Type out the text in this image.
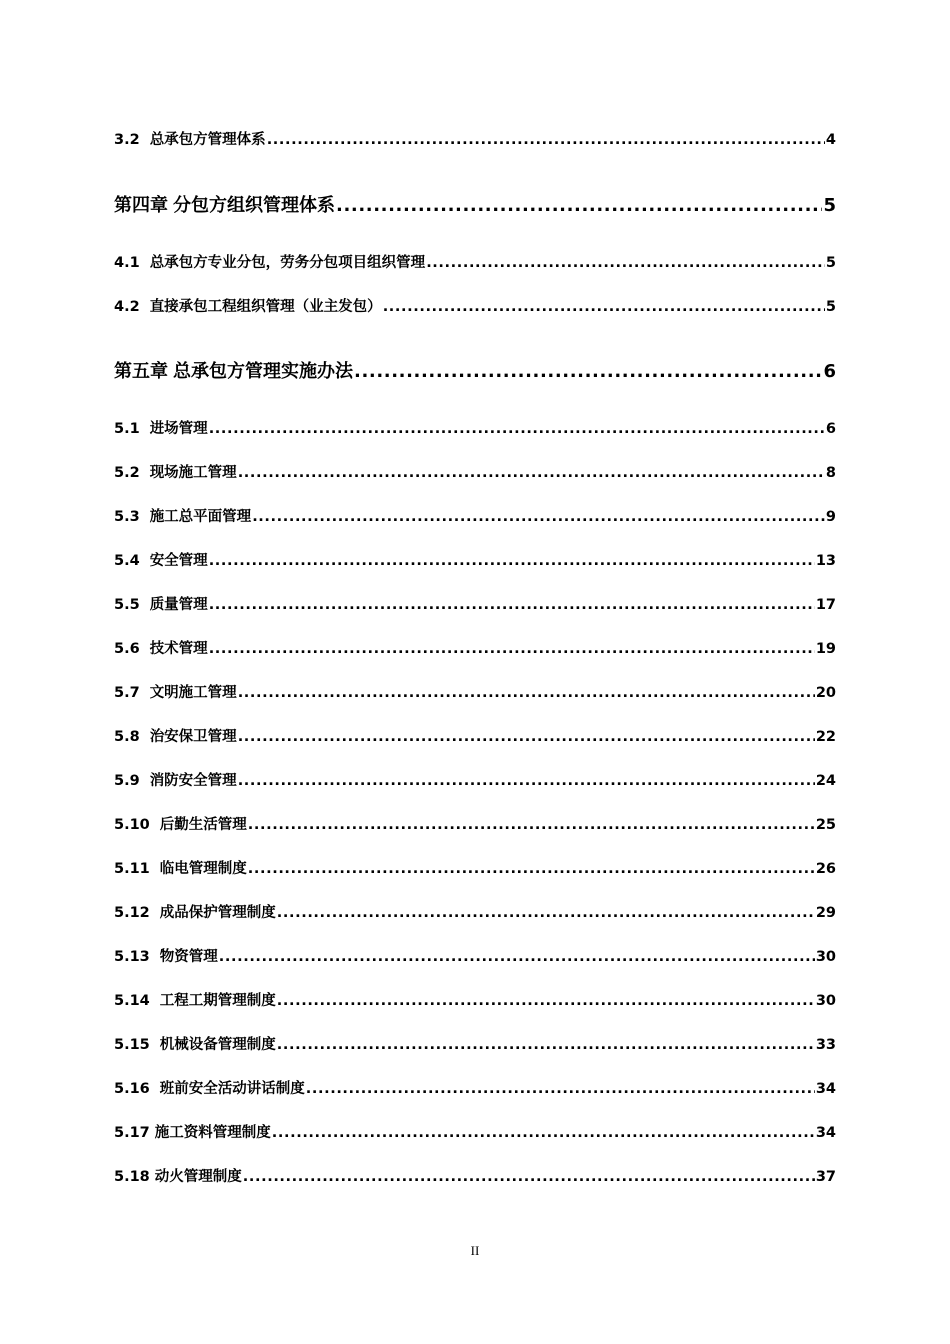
3.2 总承包方管理体系 .....	4
第四章 分包方组织管理体系 .....	5
4.1 总承包方专业分包，劳务分包项目组织管理 .....	5
4.2 直接承包工程组织管理（业主发包） .....	5
第五章 总承包方管理实施办法 .....	6
5.1 进场管理 .....	6
5.2 现场施工管理 .....	8
5.3 施工总平面管理 .....	9
5.4 安全管理 .....	13
5.5 质量管理 .....	17
5.6 技术管理 .....	19
5.7 文明施工管理 .....	20
5.8 治安保卫管理 .....	22
5.9 消防安全管理 .....	24
5.10 后勤生活管理 .....	25
5.11 临电管理制度 .....	26
5.12 成品保护管理制度 .....	29
5.13 物资管理 .....	30
5.14 工程工期管理制度 .....	30
5.15 机械设备管理制度 .....	33
5.16 班前安全活动讲话制度 .....	34
5.17 施工资料管理制度 .....	34
5.18 动火管理制度 .....	37
II
